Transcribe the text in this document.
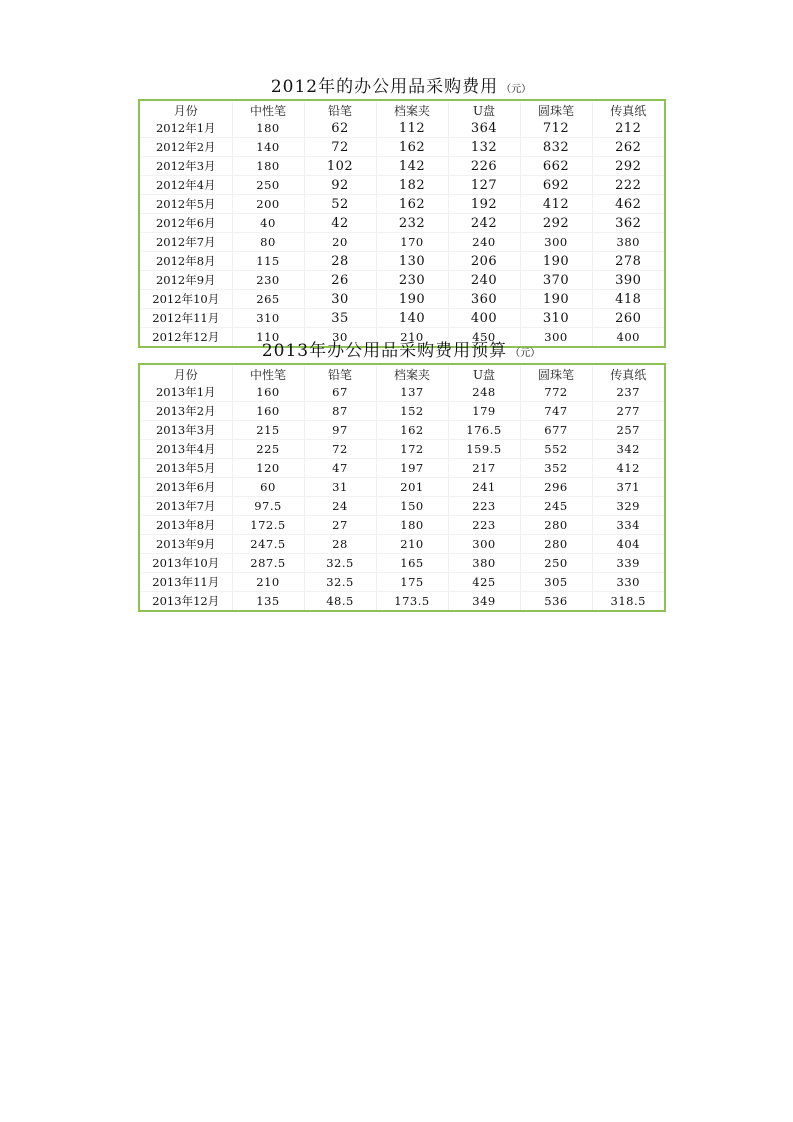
2012年的办公用品采购费用 （元）
月份	中性笔	铅笔	档案夹	U盘	圆珠笔	传真纸
2012年1月	180	62	112	364	712	212
2012年2月	140	72	162	132	832	262
2012年3月	180	102	142	226	662	292
2012年4月	250	92	182	127	692	222
2012年5月	200	52	162	192	412	462
2012年6月	40	42	232	242	292	362
2012年7月	80	20	170	240	300	380
2012年8月	115	28	130	206	190	278
2012年9月	230	26	230	240	370	390
2012年10月	265	30	190	360	190	418
2012年11月	310	35	140	400	310	260
2012年12月	110	30	210	450	300	400
2013年办公用品采购费用预算 （元）
月份	中性笔	铅笔	档案夹	U盘	圆珠笔	传真纸
2013年1月	160	67	137	248	772	237
2013年2月	160	87	152	179	747	277
2013年3月	215	97	162	176.5	677	257
2013年4月	225	72	172	159.5	552	342
2013年5月	120	47	197	217	352	412
2013年6月	60	31	201	241	296	371
2013年7月	97.5	24	150	223	245	329
2013年8月	172.5	27	180	223	280	334
2013年9月	247.5	28	210	300	280	404
2013年10月	287.5	32.5	165	380	250	339
2013年11月	210	32.5	175	425	305	330
2013年12月	135	48.5	173.5	349	536	318.5
